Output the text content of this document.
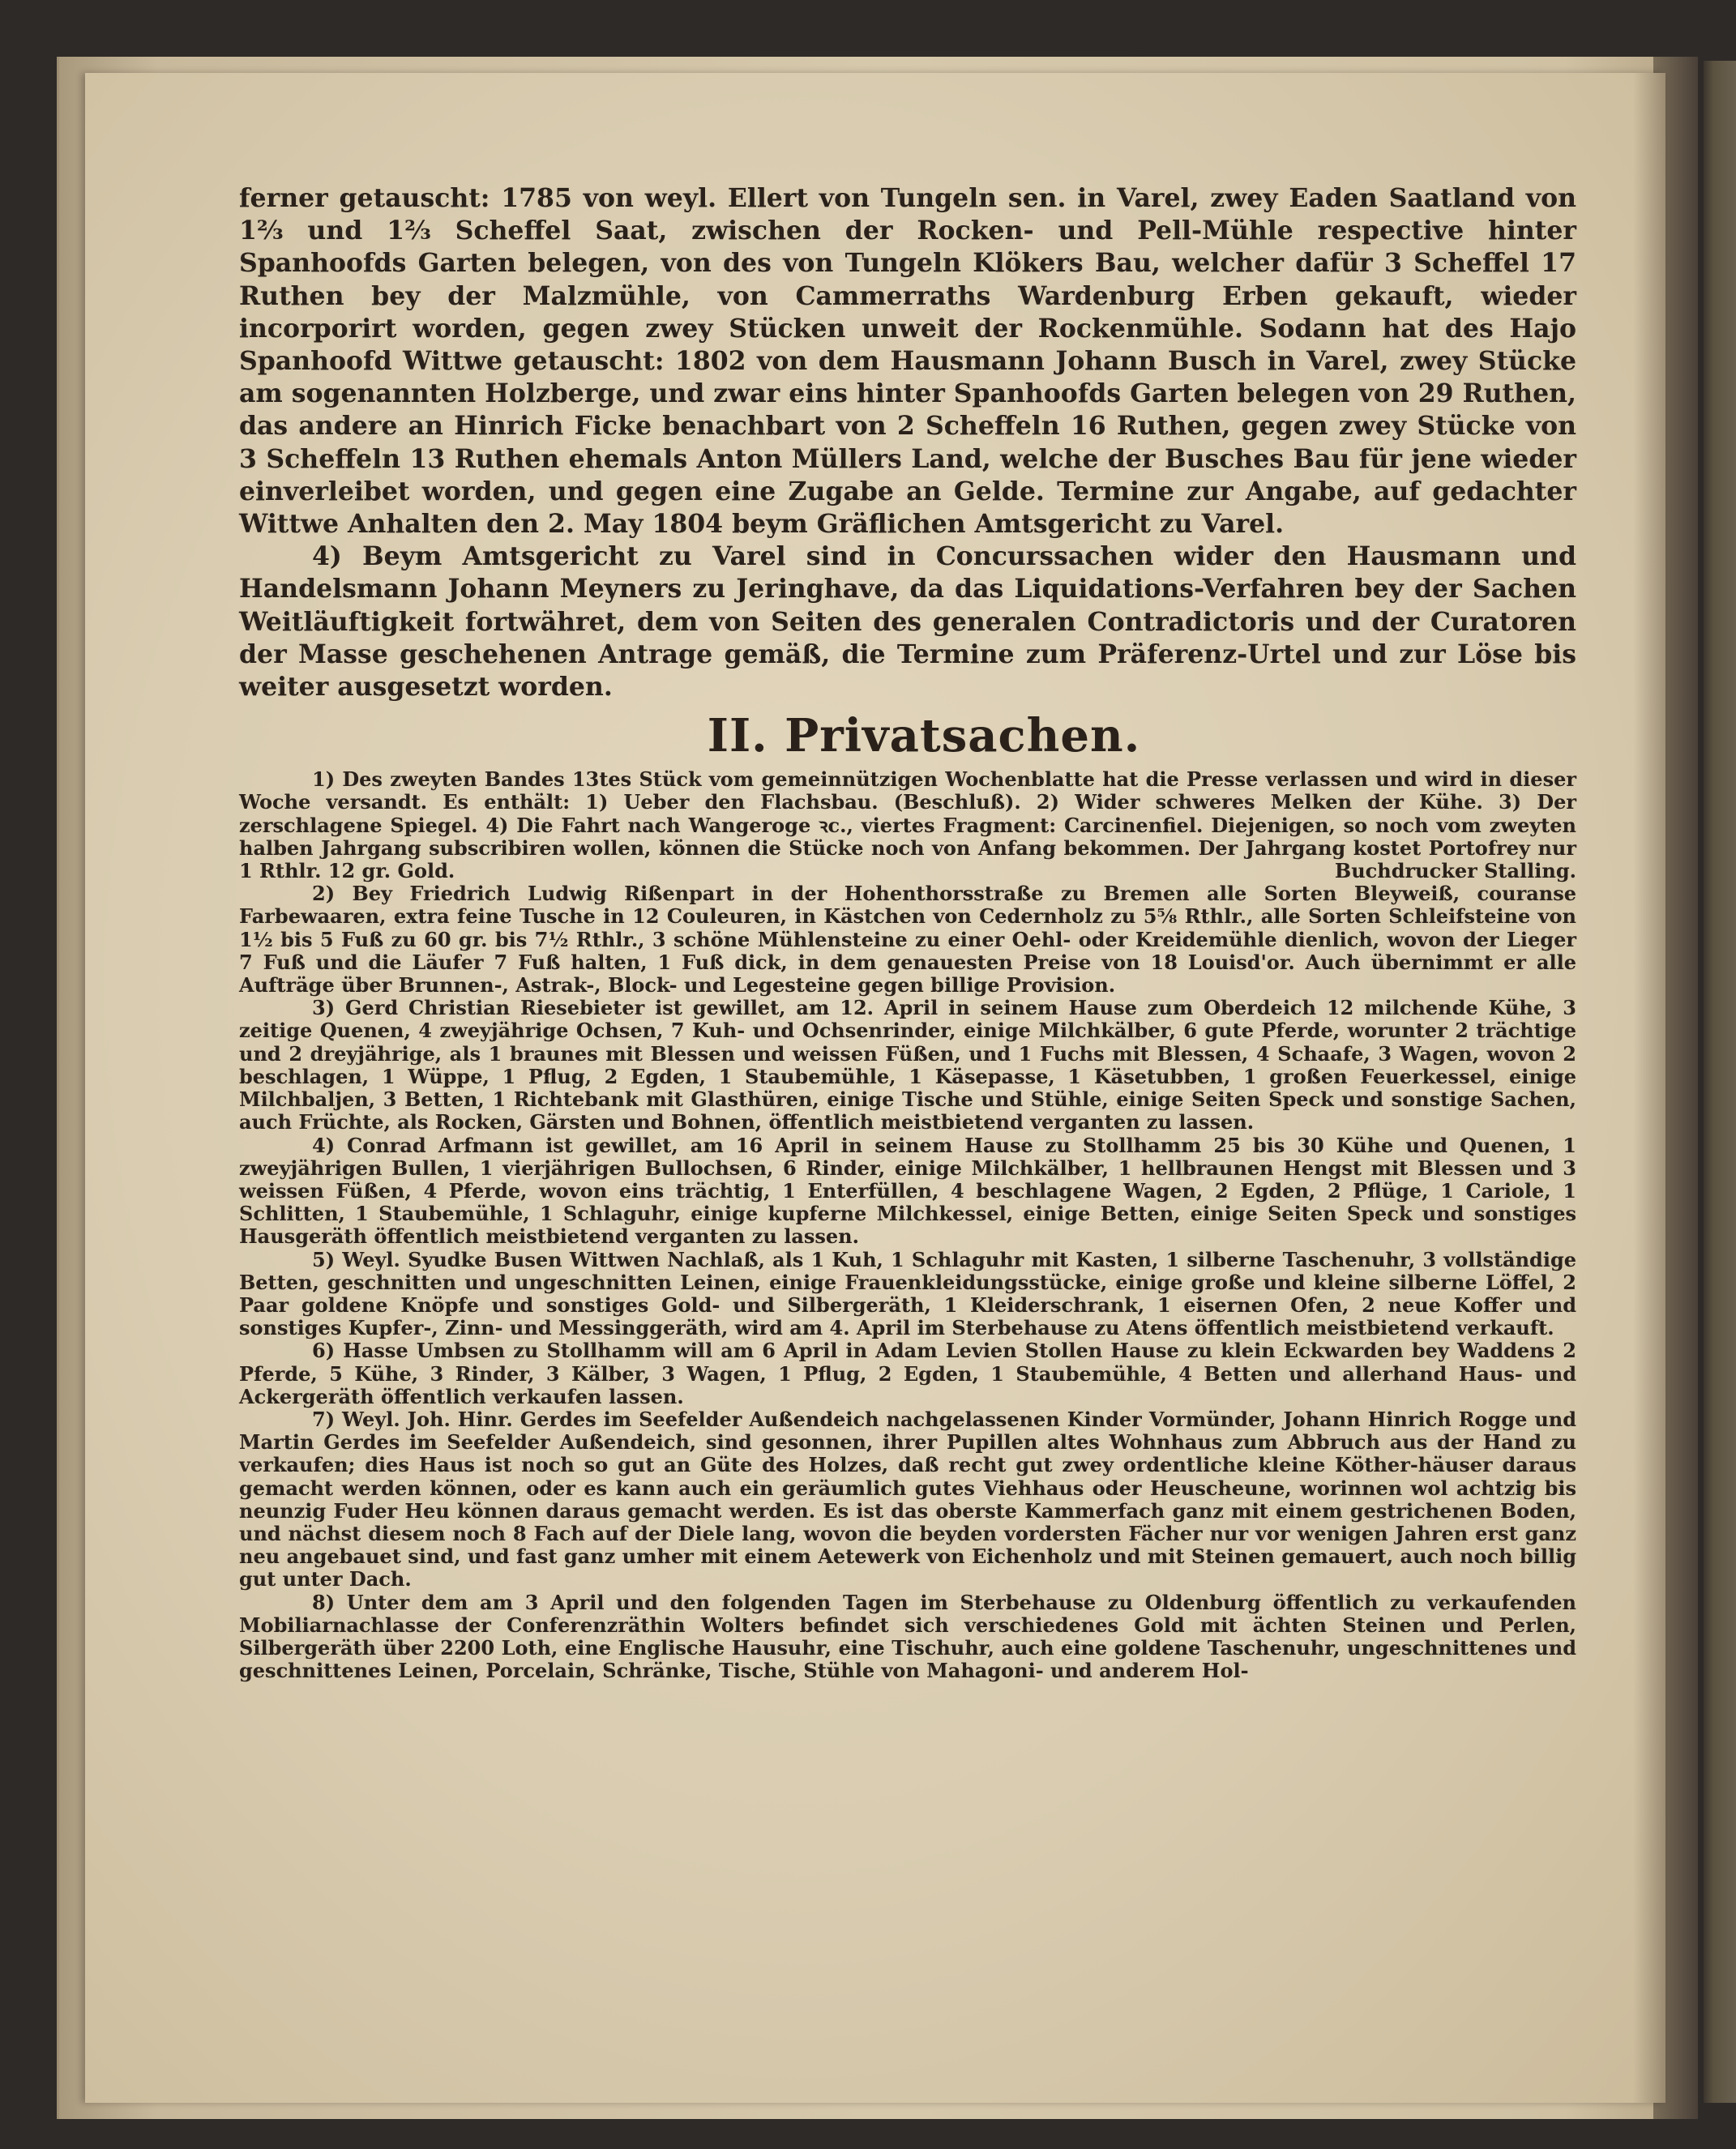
ferner getauscht: 1785 von weyl. Ellert von Tungeln sen. in Varel, zwey Eaden Saatland von 1⅔ und 1⅔ Scheffel Saat, zwischen der Rocken- und Pell-Mühle respective hinter Spanhoofds Garten belegen, von des von Tungeln Klökers Bau, welcher dafür 3 Scheffel 17 Ruthen bey der Malzmühle, von Cammerraths Wardenburg Erben gekauft, wieder incorporirt worden, gegen zwey Stücken unweit der Rockenmühle. Sodann hat des Hajo Spanhoofd Wittwe getauscht: 1802 von dem Hausmann Johann Busch in Varel, zwey Stücke am sogenannten Holzberge, und zwar eins hinter Spanhoofds Garten belegen von 29 Ruthen, das andere an Hinrich Ficke benachbart von 2 Scheffeln 16 Ruthen, gegen zwey Stücke von 3 Scheffeln 13 Ruthen ehemals Anton Müllers Land, welche der Busches Bau für jene wieder einverleibet worden, und gegen eine Zugabe an Gelde. Termine zur Angabe, auf gedachter Wittwe Anhalten den 2. May 1804 beym Gräflichen Amtsgericht zu Varel.

4) Beym Amtsgericht zu Varel sind in Concurssachen wider den Hausmann und Handelsmann Johann Meyners zu Jeringhave, da das Liquidations-Verfahren bey der Sachen Weitläuftigkeit fortwähret, dem von Seiten des generalen Contradictoris und der Curatoren der Masse geschehenen Antrage gemäß, die Termine zum Präferenz-Urtel und zur Löse bis weiter ausgesetzt worden.

II. Privatsachen.

1) Des zweyten Bandes 13tes Stück vom gemeinnützigen Wochenblatte hat die Presse verlassen und wird in dieser Woche versandt. Es enthält: 1) Ueber den Flachsbau. (Beschluß). 2) Wider schweres Melken der Kühe. 3) Der zerschlagene Spiegel. 4) Die Fahrt nach Wangeroge ꝛc., viertes Fragment: Carcinenfiel. Diejenigen, so noch vom zweyten halben Jahrgang subscribiren wollen, können die Stücke noch von Anfang bekommen. Der Jahrgang kostet Portofrey nur 1 Rthlr. 12 gr. Gold.	Buchdrucker Stalling.

2) Bey Friedrich Ludwig Rißenpart in der Hohenthorsstraße zu Bremen alle Sorten Bleyweiß, couranse Farbewaaren, extra feine Tusche in 12 Couleuren, in Kästchen von Cedernholz zu 5⅝ Rthlr., alle Sorten Schleifsteine von 1½ bis 5 Fuß zu 60 gr. bis 7½ Rthlr., 3 schöne Mühlensteine zu einer Oehl- oder Kreidemühle dienlich, wovon der Lieger 7 Fuß und die Läufer 7 Fuß halten, 1 Fuß dick, in dem genauesten Preise von 18 Louisd'or. Auch übernimmt er alle Aufträge über Brunnen-, Astrak-, Block- und Legesteine gegen billige Provision.

3) Gerd Christian Riesebieter ist gewillet, am 12. April in seinem Hause zum Oberdeich 12 milchende Kühe, 3 zeitige Quenen, 4 zweyjährige Ochsen, 7 Kuh- und Ochsenrinder, einige Milchkälber, 6 gute Pferde, worunter 2 trächtige und 2 dreyjährige, als 1 braunes mit Blessen und weissen Füßen, und 1 Fuchs mit Blessen, 4 Schaafe, 3 Wagen, wovon 2 beschlagen, 1 Wüppe, 1 Pflug, 2 Egden, 1 Staubemühle, 1 Käsepasse, 1 Käsetubben, 1 großen Feuerkessel, einige Milchbaljen, 3 Betten, 1 Richtebank mit Glasthüren, einige Tische und Stühle, einige Seiten Speck und sonstige Sachen, auch Früchte, als Rocken, Gärsten und Bohnen, öffentlich meistbietend verganten zu lassen.

4) Conrad Arfmann ist gewillet, am 16 April in seinem Hause zu Stollhamm 25 bis 30 Kühe und Quenen, 1 zweyjährigen Bullen, 1 vierjährigen Bullochsen, 6 Rinder, einige Milchkälber, 1 hellbraunen Hengst mit Blessen und 3 weissen Füßen, 4 Pferde, wovon eins trächtig, 1 Enterfüllen, 4 beschlagene Wagen, 2 Egden, 2 Pflüge, 1 Cariole, 1 Schlitten, 1 Staubemühle, 1 Schlaguhr, einige kupferne Milchkessel, einige Betten, einige Seiten Speck und sonstiges Hausgeräth öffentlich meistbietend verganten zu lassen.

5) Weyl. Syudke Busen Wittwen Nachlaß, als 1 Kuh, 1 Schlaguhr mit Kasten, 1 silberne Taschenuhr, 3 vollständige Betten, geschnitten und ungeschnitten Leinen, einige Frauenkleidungsstücke, einige große und kleine silberne Löffel, 2 Paar goldene Knöpfe und sonstiges Gold- und Silbergeräth, 1 Kleiderschrank, 1 eisernen Ofen, 2 neue Koffer und sonstiges Kupfer-, Zinn- und Messinggeräth, wird am 4. April im Sterbehause zu Atens öffentlich meistbietend verkauft.

6) Hasse Umbsen zu Stollhamm will am 6 April in Adam Levien Stollen Hause zu klein Eckwarden bey Waddens 2 Pferde, 5 Kühe, 3 Rinder, 3 Kälber, 3 Wagen, 1 Pflug, 2 Egden, 1 Staubemühle, 4 Betten und allerhand Haus- und Ackergeräth öffentlich verkaufen lassen.

7) Weyl. Joh. Hinr. Gerdes im Seefelder Außendeich nachgelassenen Kinder Vormünder, Johann Hinrich Rogge und Martin Gerdes im Seefelder Außendeich, sind gesonnen, ihrer Pupillen altes Wohnhaus zum Abbruch aus der Hand zu verkaufen; dies Haus ist noch so gut an Güte des Holzes, daß recht gut zwey ordentliche kleine Köther-häuser daraus gemacht werden können, oder es kann auch ein geräumlich gutes Viehhaus oder Heuscheune, worinnen wol achtzig bis neunzig Fuder Heu können daraus gemacht werden. Es ist das oberste Kammerfach ganz mit einem gestrichenen Boden, und nächst diesem noch 8 Fach auf der Diele lang, wovon die beyden vordersten Fächer nur vor wenigen Jahren erst ganz neu angebauet sind, und fast ganz umher mit einem Aetewerk von Eichenholz und mit Steinen gemauert, auch noch billig gut unter Dach.

8) Unter dem am 3 April und den folgenden Tagen im Sterbehause zu Oldenburg öffentlich zu verkaufenden Mobiliarnachlasse der Conferenzräthin Wolters befindet sich verschiedenes Gold mit ächten Steinen und Perlen, Silbergeräth über 2200 Loth, eine Englische Hausuhr, eine Tischuhr, auch eine goldene Taschenuhr, ungeschnittenes und geschnittenes Leinen, Porcelain, Schränke, Tische, Stühle von Mahagoni- und anderem Hol-
